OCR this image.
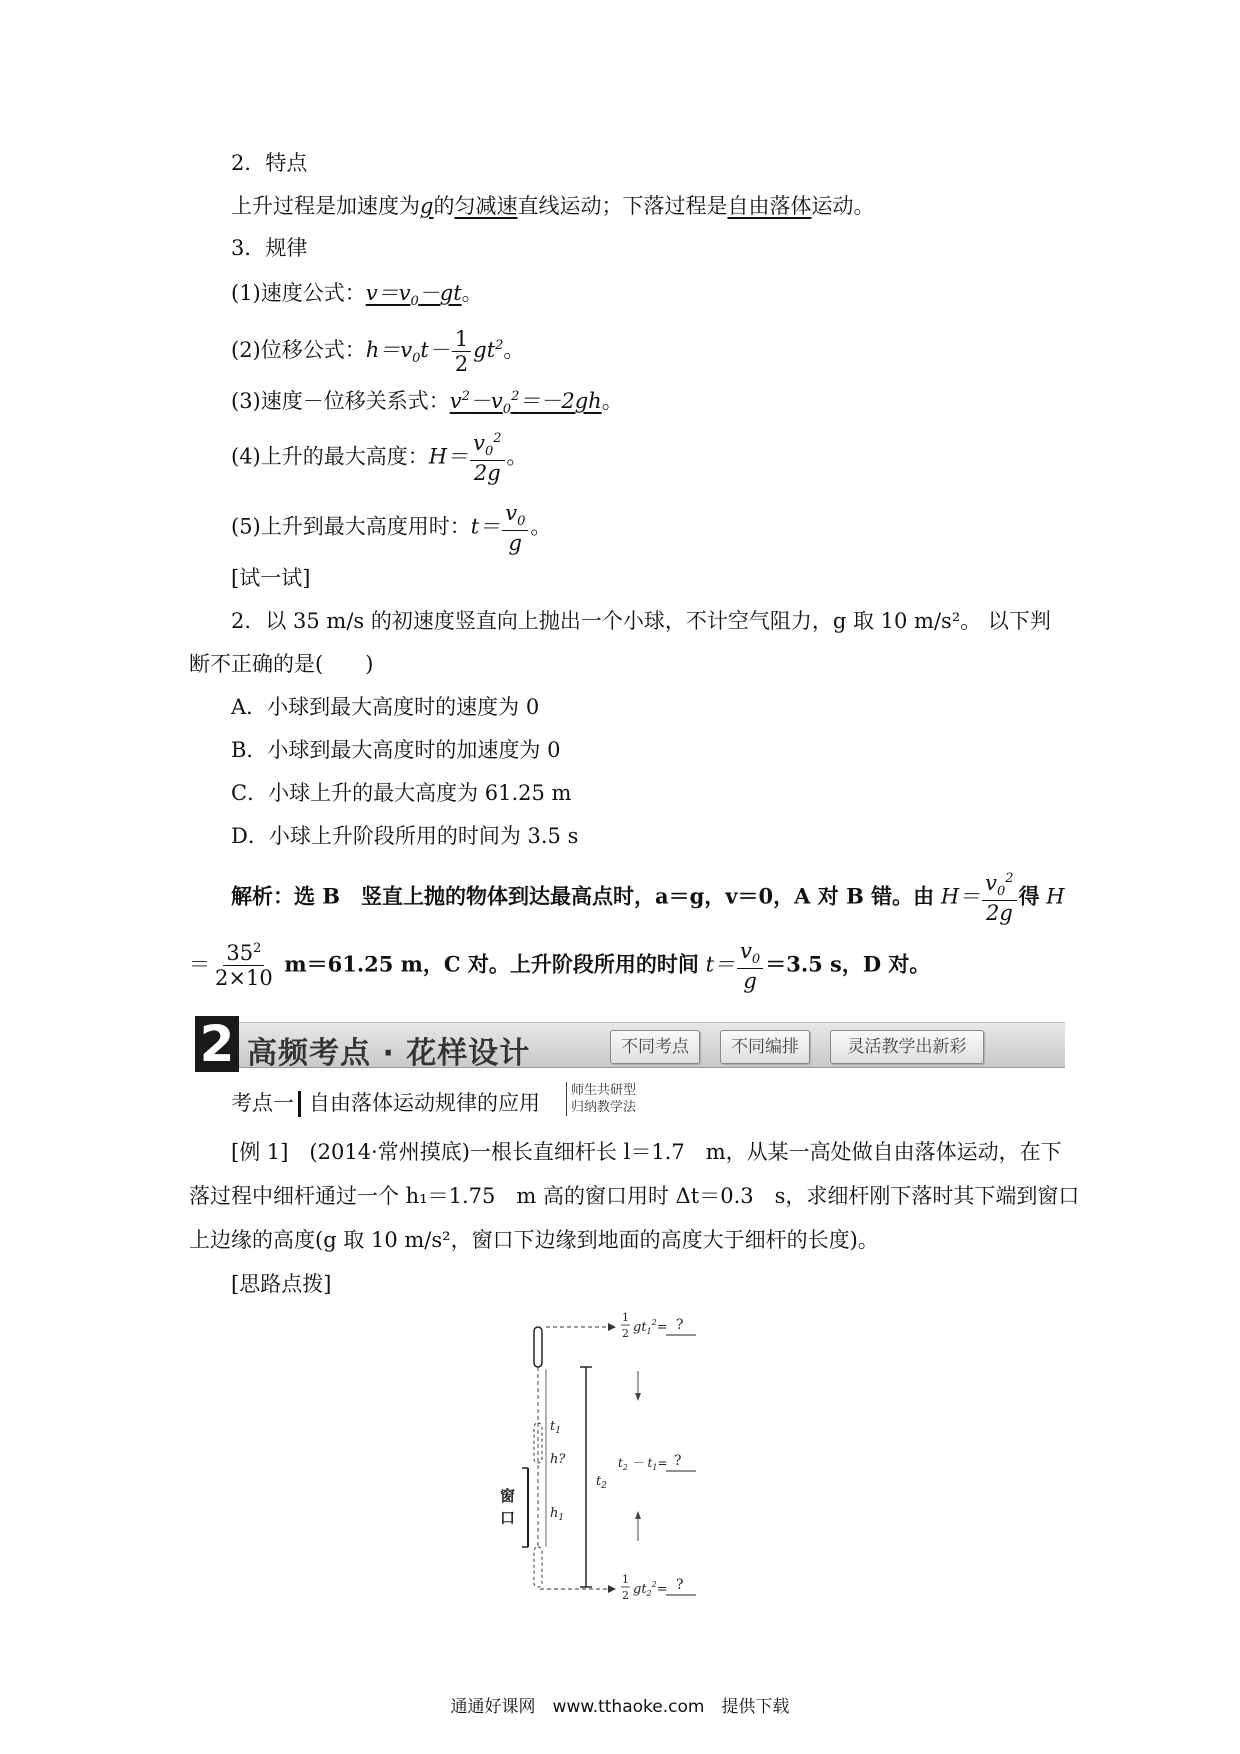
2．特点
上升过程是加速度为g的匀减速直线运动；下落过程是自由落体运动。
3．规律
(1)速度公式：$v=v_0-gt$。
(2)位移公式：$h=v_0t- \frac{1}{2} gt^2$。
(3)速度－位移关系式：$v^2-v_0^2=-2gh$。
(4)上升的最大高度：$H= \frac{v_0^2}{2g}$ 。
(5)上升到最大高度用时：$t= \frac{v_0}{g}$ 。
[试一试]
2．以 35 m/s 的初速度竖直向上抛出一个小球，不计空气阻力，g 取 10 m/s²。 以下判
断不正确的是(　　)
A．小球到最大高度时的速度为 0
B．小球到最大高度时的加速度为 0
C．小球上升的最大高度为 61.25 m
D．小球上升阶段所用的时间为 3.5 s
解析：选 B　竖直上抛的物体到达最高点时，a＝g，v＝0，A 对 B 错。由 $H= \frac{v_0^2}{2g}$ 得 H
＝ $\frac{35^2}{2\times 10} m=61.25$ m，C 对。上升阶段所用的时间 $t= \frac{v_0}{g} =3.5$ s，D 对。
2 高频考点 · 花样设计	不同考点	不同编排	灵活教学出新彩
考点一 自由落体运动规律的应用
师生共研型
归纳教学法
[例 1]　(2014·常州摸底)一根长直细杆长 l＝1.7　m，从某一高处做自由落体运动，在下
落过程中细杆通过一个 h₁＝1.75　m 高的窗口用时 Δt＝0.3　s，求细杆刚下落时其下端到窗口
上边缘的高度(g 取 10 m/s²，窗口下边缘到地面的高度大于细杆的长度)。
[思路点拨]
窗
口
$t_1$
h?
$h_1$
$t_2$
1
2 $gt_1^2=$ ?
$t_2 - t_1=$ ?
1
2 $gt_2^2=$ ?
通通好课网　www.tthaoke.com　提供下载
